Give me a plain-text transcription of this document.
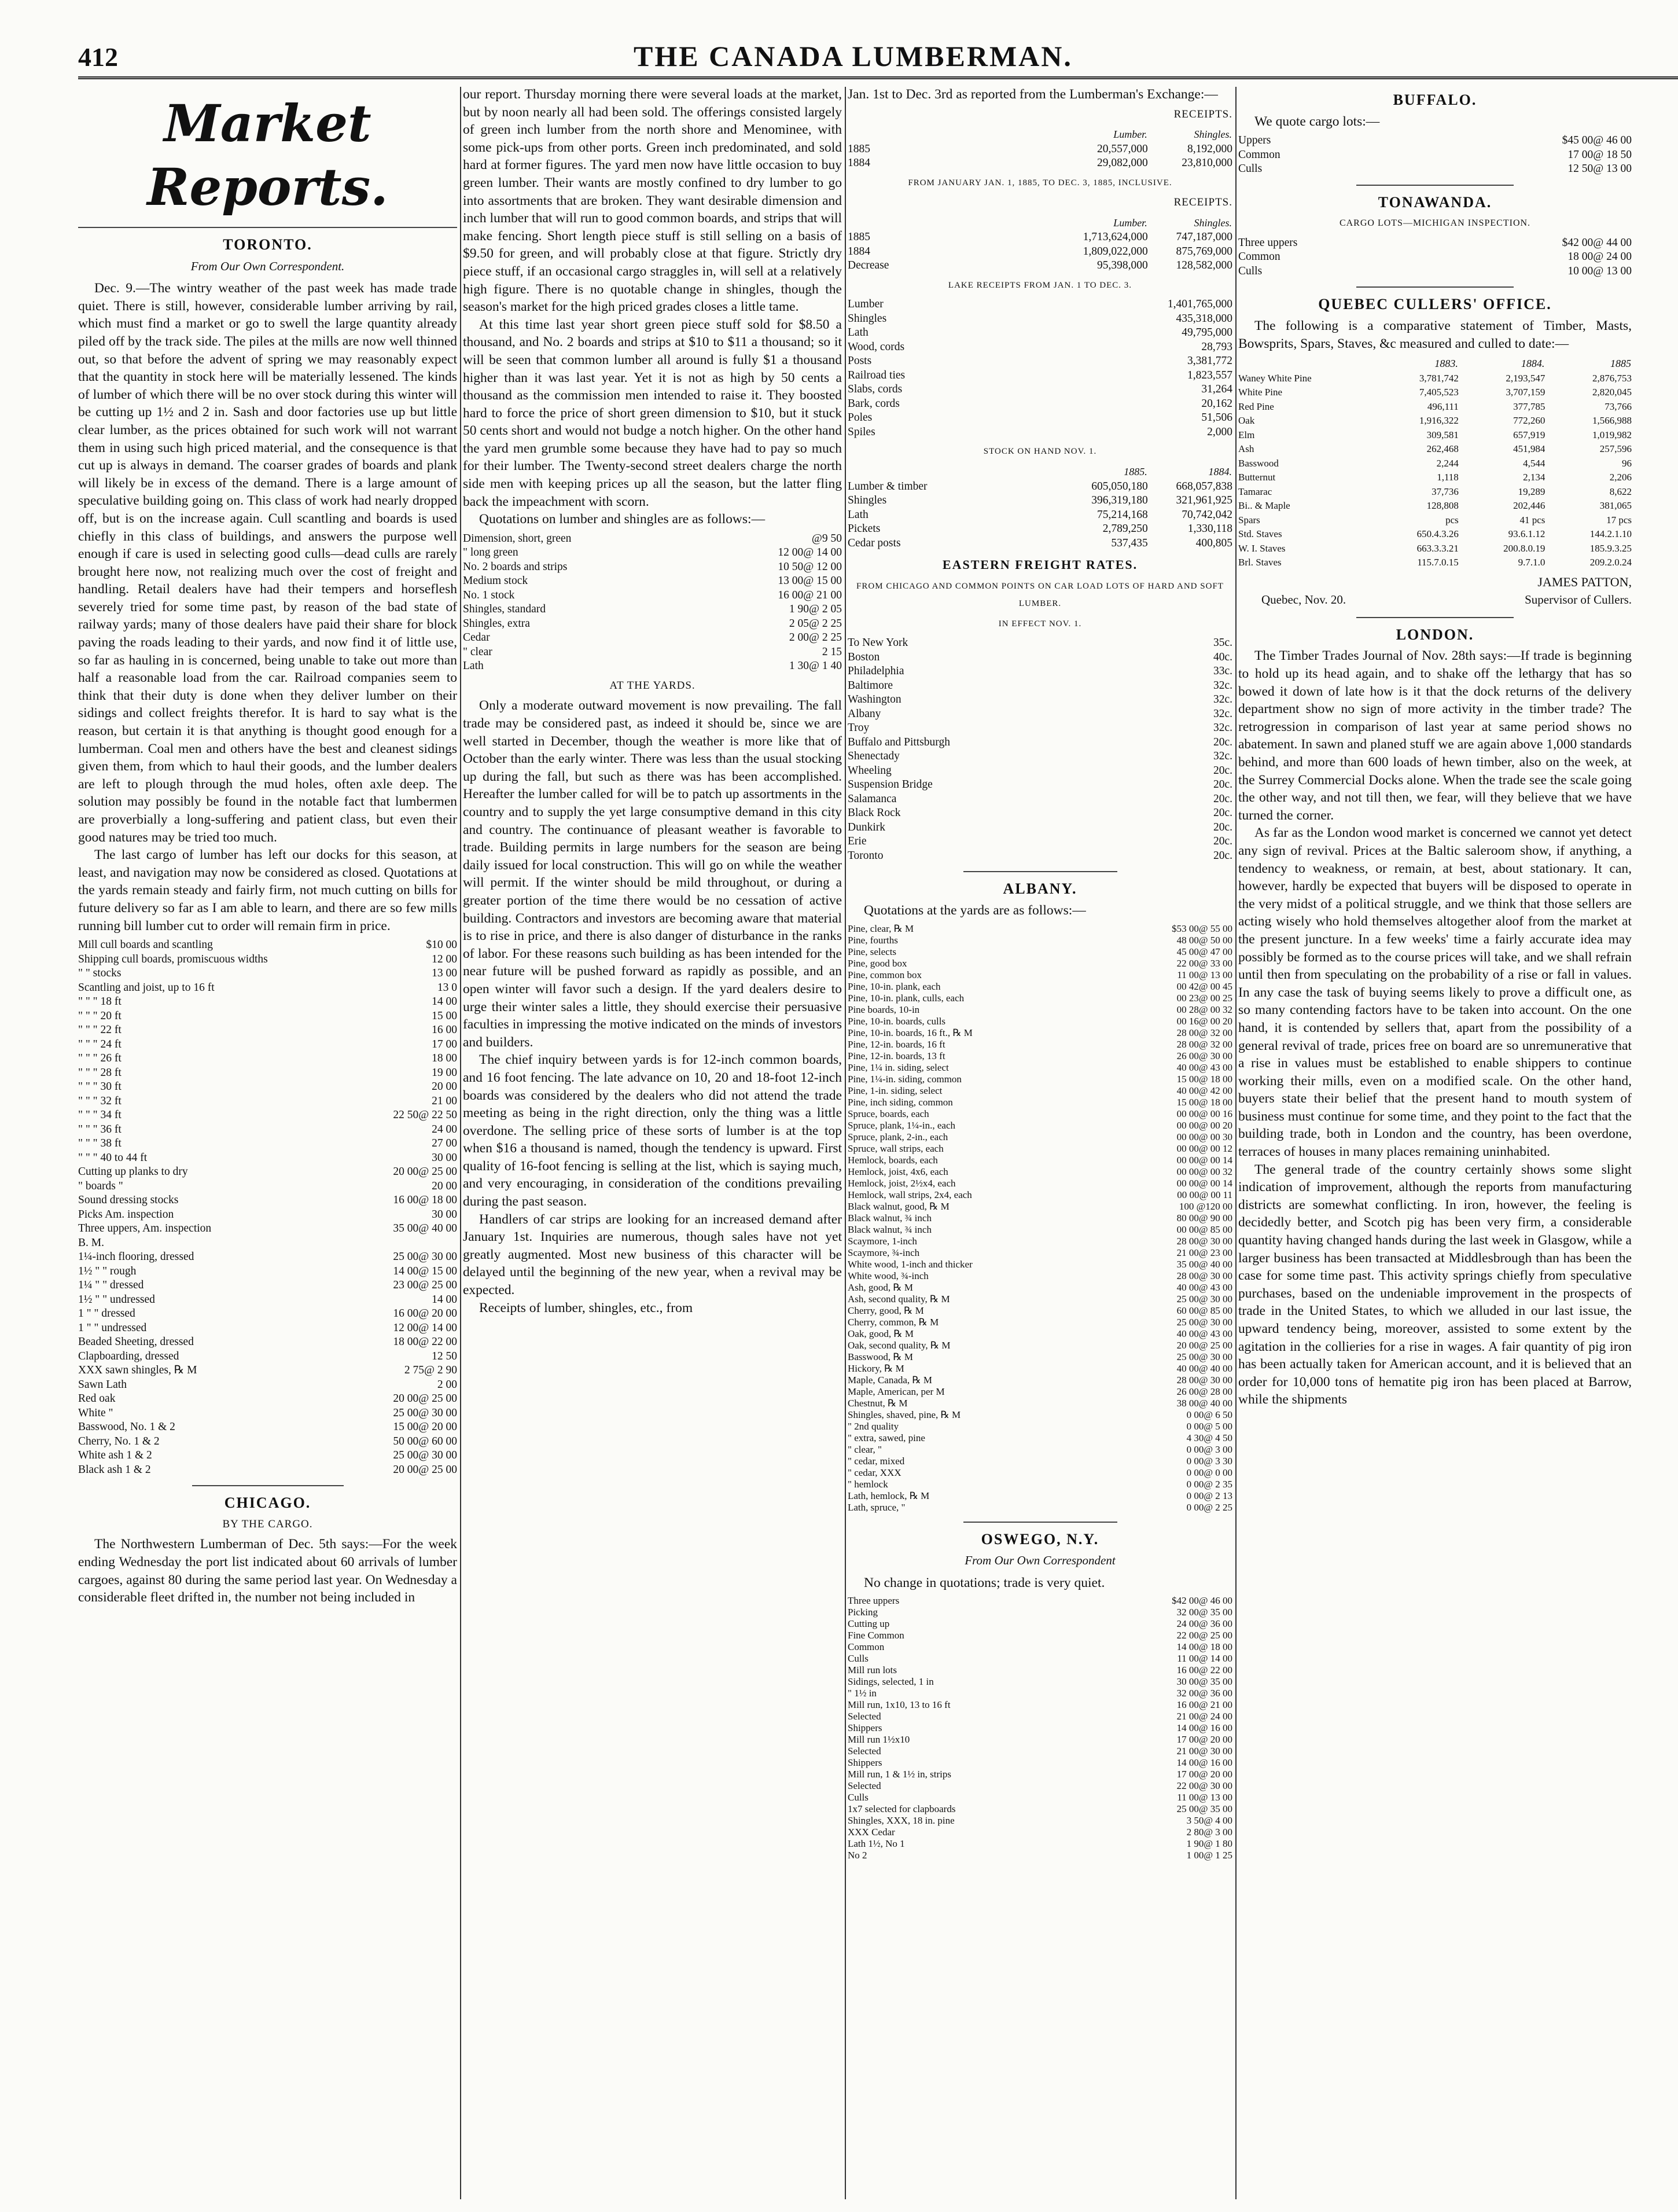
412	THE CANADA LUMBERMAN.
Market Reports.
TORONTO.
From Our Own Correspondent.

Dec. 9.—The wintry weather of the past week has made trade quiet. There is still, however, considerable lumber arriving by rail, which must find a market or go to swell the large quantity already piled off by the track side. The piles at the mills are now well thinned out, so that before the advent of spring we may reasonably expect that the quantity in stock here will be materially lessened. The kinds of lumber of which there will be no over stock during this winter will be cutting up 1½ and 2 in. Sash and door factories use up but little clear lumber, as the prices obtained for such work will not warrant them in using such high priced material, and the consequence is that cut up is always in demand. The coarser grades of boards and plank will likely be in excess of the demand. There is a large amount of speculative building going on. This class of work had nearly dropped off, but is on the increase again. Cull scantling and boards is used chiefly in this class of buildings, and answers the purpose well enough if care is used in selecting good culls—dead culls are rarely brought here now, not realizing much over the cost of freight and handling. Retail dealers have had their tempers and horseflesh severely tried for some time past, by reason of the bad state of railway yards; many of those dealers have paid their share for block paving the roads leading to their yards, and now find it of little use, so far as hauling in is concerned, being unable to take out more than half a reasonable load from the car. Railroad companies seem to think that their duty is done when they deliver lumber on their sidings and collect freights therefor. It is hard to say what is the reason, but certain it is that anything is thought good enough for a lumberman. Coal men and others have the best and cleanest sidings given them, from which to haul their goods, and the lumber dealers are left to plough through the mud holes, often axle deep. The solution may possibly be found in the notable fact that lumbermen are proverbially a long-suffering and patient class, but even their good natures may be tried too much.

The last cargo of lumber has left our docks for this season, at least, and navigation may now be considered as closed. Quotations at the yards remain steady and fairly firm, not much cutting on bills for future delivery so far as I am able to learn, and there are so few mills running bill lumber cut to order will remain firm in price.

Mill cull boards and scantling	$10 00
Shipping cull boards, promiscuous widths	12 00
" " stocks	13 00
Scantling and joist, up to 16 ft	13 0
" " " 18 ft	14 00
" " " 20 ft	15 00
" " " 22 ft	16 00
" " " 24 ft	17 00
" " " 26 ft	18 00
" " " 28 ft	19 00
" " " 30 ft	20 00
" " " 32 ft	21 00
" " " 34 ft	22 50@ 22 50
" " " 36 ft	24 00
" " " 38 ft	27 00
" " " 40 to 44 ft	30 00
Cutting up planks to dry	20 00@ 25 00
" boards "	20 00
Sound dressing stocks	16 00@ 18 00
Picks Am. inspection	30 00
Three uppers, Am. inspection	35 00@ 40 00
B. M.	
1¼-inch flooring, dressed	25 00@ 30 00
1½ " " rough	14 00@ 15 00
1¼ " " dressed	23 00@ 25 00
1½ " " undressed	14 00
1 " " dressed	16 00@ 20 00
1 " " undressed	12 00@ 14 00
Beaded Sheeting, dressed	18 00@ 22 00
Clapboarding, dressed	12 50
XXX sawn shingles, ℞ M	2 75@ 2 90
Sawn Lath	2 00
Red oak	20 00@ 25 00
White "	25 00@ 30 00
Basswood, No. 1 & 2	15 00@ 20 00
Cherry, No. 1 & 2	50 00@ 60 00
White ash 1 & 2	25 00@ 30 00
Black ash 1 & 2	20 00@ 25 00
CHICAGO.
BY THE CARGO.

The Northwestern Lumberman of Dec. 5th says:—For the week ending Wednesday the port list indicated about 60 arrivals of lumber cargoes, against 80 during the same period last year. On Wednesday a considerable fleet drifted in, the number not being included in

our report. Thursday morning there were several loads at the market, but by noon nearly all had been sold. The offerings consisted largely of green inch lumber from the north shore and Menominee, with some pick-ups from other ports. Green inch predominated, and sold hard at former figures. The yard men now have little occasion to buy green lumber. Their wants are mostly confined to dry lumber to go into assortments that are broken. They want desirable dimension and inch lumber that will run to good common boards, and strips that will make fencing. Short length piece stuff is still selling on a basis of $9.50 for green, and will probably close at that figure. Strictly dry piece stuff, if an occasional cargo straggles in, will sell at a relatively high figure. There is no quotable change in shingles, though the season's market for the high priced grades closes a little tame.

At this time last year short green piece stuff sold for $8.50 a thousand, and No. 2 boards and strips at $10 to $11 a thousand; so it will be seen that common lumber all around is fully $1 a thousand higher than it was last year. Yet it is not as high by 50 cents a thousand as the commission men intended to raise it. They boosted hard to force the price of short green dimension to $10, but it stuck 50 cents short and would not budge a notch higher. On the other hand the yard men grumble some because they have had to pay so much for their lumber. The Twenty-second street dealers charge the north side men with keeping prices up all the season, but the latter fling back the impeachment with scorn.

Quotations on lumber and shingles are as follows:—

Dimension, short, green	@9 50
" long green	12 00@ 14 00
No. 2 boards and strips	10 50@ 12 00
Medium stock	13 00@ 15 00
No. 1 stock	16 00@ 21 00
Shingles, standard	1 90@ 2 05
Shingles, extra	2 05@ 2 25
Cedar	2 00@ 2 25
" clear	2 15
Lath	1 30@ 1 40
AT THE YARDS.

Only a moderate outward movement is now prevailing. The fall trade may be considered past, as indeed it should be, since we are well started in December, though the weather is more like that of October than the early winter. There was less than the usual stocking up during the fall, but such as there was has been accomplished. Hereafter the lumber called for will be to patch up assortments in the country and to supply the yet large consumptive demand in this city and country. The continuance of pleasant weather is favorable to trade. Building permits in large numbers for the season are being daily issued for local construction. This will go on while the weather will permit. If the winter should be mild throughout, or during a greater portion of the time there would be no cessation of active building. Contractors and investors are becoming aware that material is to rise in price, and there is also danger of disturbance in the ranks of labor. For these reasons such building as has been intended for the near future will be pushed forward as rapidly as possible, and an open winter will favor such a design. If the yard dealers desire to urge their winter sales a little, they should exercise their persuasive faculties in impressing the motive indicated on the minds of investors and builders.

The chief inquiry between yards is for 12-inch common boards, and 16 foot fencing. The late advance on 10, 20 and 18-foot 12-inch boards was considered by the dealers who did not attend the trade meeting as being in the right direction, only the thing was a little overdone. The selling price of these sorts of lumber is at the top when $16 a thousand is named, though the tendency is upward. First quality of 16-foot fencing is selling at the list, which is saying much, and very encouraging, in consideration of the conditions prevailing during the past season.

Handlers of car strips are looking for an increased demand after January 1st. Inquiries are numerous, though sales have not yet greatly augmented. Most new business of this character will be delayed until the beginning of the new year, when a revival may be expected.

Receipts of lumber, shingles, etc., from

Jan. 1st to Dec. 3rd as reported from the Lumberman's Exchange:—

RECEIPTS.
	Lumber.	Shingles.
1885	20,557,000	8,192,000
1884	29,082,000	23,810,000
FROM JANUARY JAN. 1, 1885, TO DEC. 3, 1885, INCLUSIVE.
RECEIPTS.
	Lumber.	Shingles.
1885	1,713,624,000	747,187,000
1884	1,809,022,000	875,769,000
Decrease	95,398,000	128,582,000
LAKE RECEIPTS FROM JAN. 1 TO DEC. 3.
Lumber	1,401,765,000
Shingles	435,318,000
Lath	49,795,000
Wood, cords	28,793
Posts	3,381,772
Railroad ties	1,823,557
Slabs, cords	31,264
Bark, cords	20,162
Poles	51,506
Spiles	2,000
STOCK ON HAND NOV. 1.
	1885.	1884.
Lumber & timber	605,050,180	668,057,838
Shingles	396,319,180	321,961,925
Lath	75,214,168	70,742,042
Pickets	2,789,250	1,330,118
Cedar posts	537,435	400,805
EASTERN FREIGHT RATES.
FROM CHICAGO AND COMMON POINTS ON CAR LOAD LOTS OF HARD AND SOFT LUMBER.
IN EFFECT NOV. 1.
To New York	35c.
Boston	40c.
Philadelphia	33c.
Baltimore	32c.
Washington	32c.
Albany	32c.
Troy	32c.
Buffalo and Pittsburgh	20c.
Shenectady	32c.
Wheeling	20c.
Suspension Bridge	20c.
Salamanca	20c.
Black Rock	20c.
Dunkirk	20c.
Erie	20c.
Toronto	20c.
ALBANY.

Quotations at the yards are as follows:—

Pine, clear, ℞ M	$53 00@ 55 00
Pine, fourths	48 00@ 50 00
Pine, selects	45 00@ 47 00
Pine, good box	22 00@ 33 00
Pine, common box	11 00@ 13 00
Pine, 10-in. plank, each	00 42@ 00 45
Pine, 10-in. plank, culls, each	00 23@ 00 25
Pine boards, 10-in	00 28@ 00 32
Pine, 10-in. boards, culls	00 16@ 00 20
Pine, 10-in. boards, 16 ft., ℞ M	28 00@ 32 00
Pine, 12-in. boards, 16 ft	28 00@ 32 00
Pine, 12-in. boards, 13 ft	26 00@ 30 00
Pine, 1¼ in. siding, select	40 00@ 43 00
Pine, 1¼-in. siding, common	15 00@ 18 00
Pine, 1-in. siding, select	40 00@ 42 00
Pine, inch siding, common	15 00@ 18 00
Spruce, boards, each	00 00@ 00 16
Spruce, plank, 1¼-in., each	00 00@ 00 20
Spruce, plank, 2-in., each	00 00@ 00 30
Spruce, wall strips, each	00 00@ 00 12
Hemlock, boards, each	00 00@ 00 14
Hemlock, joist, 4x6, each	00 00@ 00 32
Hemlock, joist, 2½x4, each	00 00@ 00 14
Hemlock, wall strips, 2x4, each	00 00@ 00 11
Black walnut, good, ℞ M	100 @120 00
Black walnut, ¾ inch	80 00@ 90 00
Black walnut, ¾ inch	00 00@ 85 00
Scaymore, 1-inch	28 00@ 30 00
Scaymore, ¾-inch	21 00@ 23 00
White wood, 1-inch and thicker	35 00@ 40 00
White wood, ¾-inch	28 00@ 30 00
Ash, good, ℞ M	40 00@ 43 00
Ash, second quality, ℞ M	25 00@ 30 00
Cherry, good, ℞ M	60 00@ 85 00
Cherry, common, ℞ M	25 00@ 30 00
Oak, good, ℞ M	40 00@ 43 00
Oak, second quality, ℞ M	20 00@ 25 00
Basswood, ℞ M	25 00@ 30 00
Hickory, ℞ M	40 00@ 40 00
Maple, Canada, ℞ M	28 00@ 30 00
Maple, American, per M	26 00@ 28 00
Chestnut, ℞ M	38 00@ 40 00
Shingles, shaved, pine, ℞ M	0 00@ 6 50
" 2nd quality	0 00@ 5 00
" extra, sawed, pine	4 30@ 4 50
" clear, "	0 00@ 3 00
" cedar, mixed	0 00@ 3 30
" cedar, XXX	0 00@ 0 00
" hemlock	0 00@ 2 35
Lath, hemlock, ℞ M	0 00@ 2 13
Lath, spruce, "	0 00@ 2 25
OSWEGO, N.Y.
From Our Own Correspondent

No change in quotations; trade is very quiet.

Three uppers	$42 00@ 46 00
Picking	32 00@ 35 00
Cutting up	24 00@ 36 00
Fine Common	22 00@ 25 00
Common	14 00@ 18 00
Culls	11 00@ 14 00
Mill run lots	16 00@ 22 00
Sidings, selected, 1 in	30 00@ 35 00
" 1½ in	32 00@ 36 00
Mill run, 1x10, 13 to 16 ft	16 00@ 21 00
Selected	21 00@ 24 00
Shippers	14 00@ 16 00
Mill run 1½x10	17 00@ 20 00
Selected	21 00@ 30 00
Shippers	14 00@ 16 00
Mill run, 1 & 1½ in, strips	17 00@ 20 00
Selected	22 00@ 30 00
Culls	11 00@ 13 00
1x7 selected for clapboards	25 00@ 35 00
Shingles, XXX, 18 in. pine	3 50@ 4 00
XXX Cedar	2 80@ 3 00
Lath 1½, No 1	1 90@ 1 80
No 2	1 00@ 1 25
BUFFALO.

We quote cargo lots:—

Uppers	$45 00@ 46 00
Common	17 00@ 18 50
Culls	12 50@ 13 00
TONAWANDA.
CARGO LOTS—MICHIGAN INSPECTION.
Three uppers	$42 00@ 44 00
Common	18 00@ 24 00
Culls	10 00@ 13 00
QUEBEC CULLERS' OFFICE.

The following is a comparative statement of Timber, Masts, Bowsprits, Spars, Staves, &c measured and culled to date:—

	1883.	1884.	1885
Waney White Pine	3,781,742	2,193,547	2,876,753
White Pine	7,405,523	3,707,159	2,820,045
Red Pine	496,111	377,785	73,766
Oak	1,916,322	772,260	1,566,988
Elm	309,581	657,919	1,019,982
Ash	262,468	451,984	257,596
Basswood	2,244	4,544	96
Butternut	1,118	2,134	2,206
Tamarac	37,736	19,289	8,622
Bi.. & Maple	128,808	202,446	381,065
Spars	pcs	41 pcs	17 pcs
Std. Staves	650.4.3.26	93.6.1.12	144.2.1.10
W. I. Staves	663.3.3.21	200.8.0.19	185.9.3.25
Brl. Staves	115.7.0.15	9.7.1.0	209.2.0.24
JAMES PATTON,
Quebec, Nov. 20.	Supervisor of Cullers.
LONDON.

The Timber Trades Journal of Nov. 28th says:—If trade is beginning to hold up its head again, and to shake off the lethargy that has so bowed it down of late how is it that the dock returns of the delivery department show no sign of more activity in the timber trade? The retrogression in comparison of last year at same period shows no abatement. In sawn and planed stuff we are again above 1,000 standards behind, and more than 600 loads of hewn timber, also on the week, at the Surrey Commercial Docks alone. When the trade see the scale going the other way, and not till then, we fear, will they believe that we have turned the corner.

As far as the London wood market is concerned we cannot yet detect any sign of revival. Prices at the Baltic saleroom show, if anything, a tendency to weakness, or remain, at best, about stationary. It can, however, hardly be expected that buyers will be disposed to operate in the very midst of a political struggle, and we think that those sellers are acting wisely who hold themselves altogether aloof from the market at the present juncture. In a few weeks' time a fairly accurate idea may possibly be formed as to the course prices will take, and we shall refrain until then from speculating on the probability of a rise or fall in values. In any case the task of buying seems likely to prove a difficult one, as so many contending factors have to be taken into account. On the one hand, it is contended by sellers that, apart from the possibility of a general revival of trade, prices free on board are so unremunerative that a rise in values must be established to enable shippers to continue working their mills, even on a modified scale. On the other hand, buyers state their belief that the present hand to mouth system of business must continue for some time, and they point to the fact that the building trade, both in London and the country, has been overdone, terraces of houses in many places remaining uninhabited.

The general trade of the country certainly shows some slight indication of improvement, although the reports from manufacturing districts are somewhat conflicting. In iron, however, the feeling is decidedly better, and Scotch pig has been very firm, a considerable quantity having changed hands during the last week in Glasgow, while a larger business has been transacted at Middlesbrough than has been the case for some time past. This activity springs chiefly from speculative purchases, based on the undeniable improvement in the prospects of trade in the United States, to which we alluded in our last issue, the upward tendency being, moreover, assisted to some extent by the agitation in the collieries for a rise in wages. A fair quantity of pig iron has been actually taken for American account, and it is believed that an order for 10,000 tons of hematite pig iron has been placed at Barrow, while the shipments
